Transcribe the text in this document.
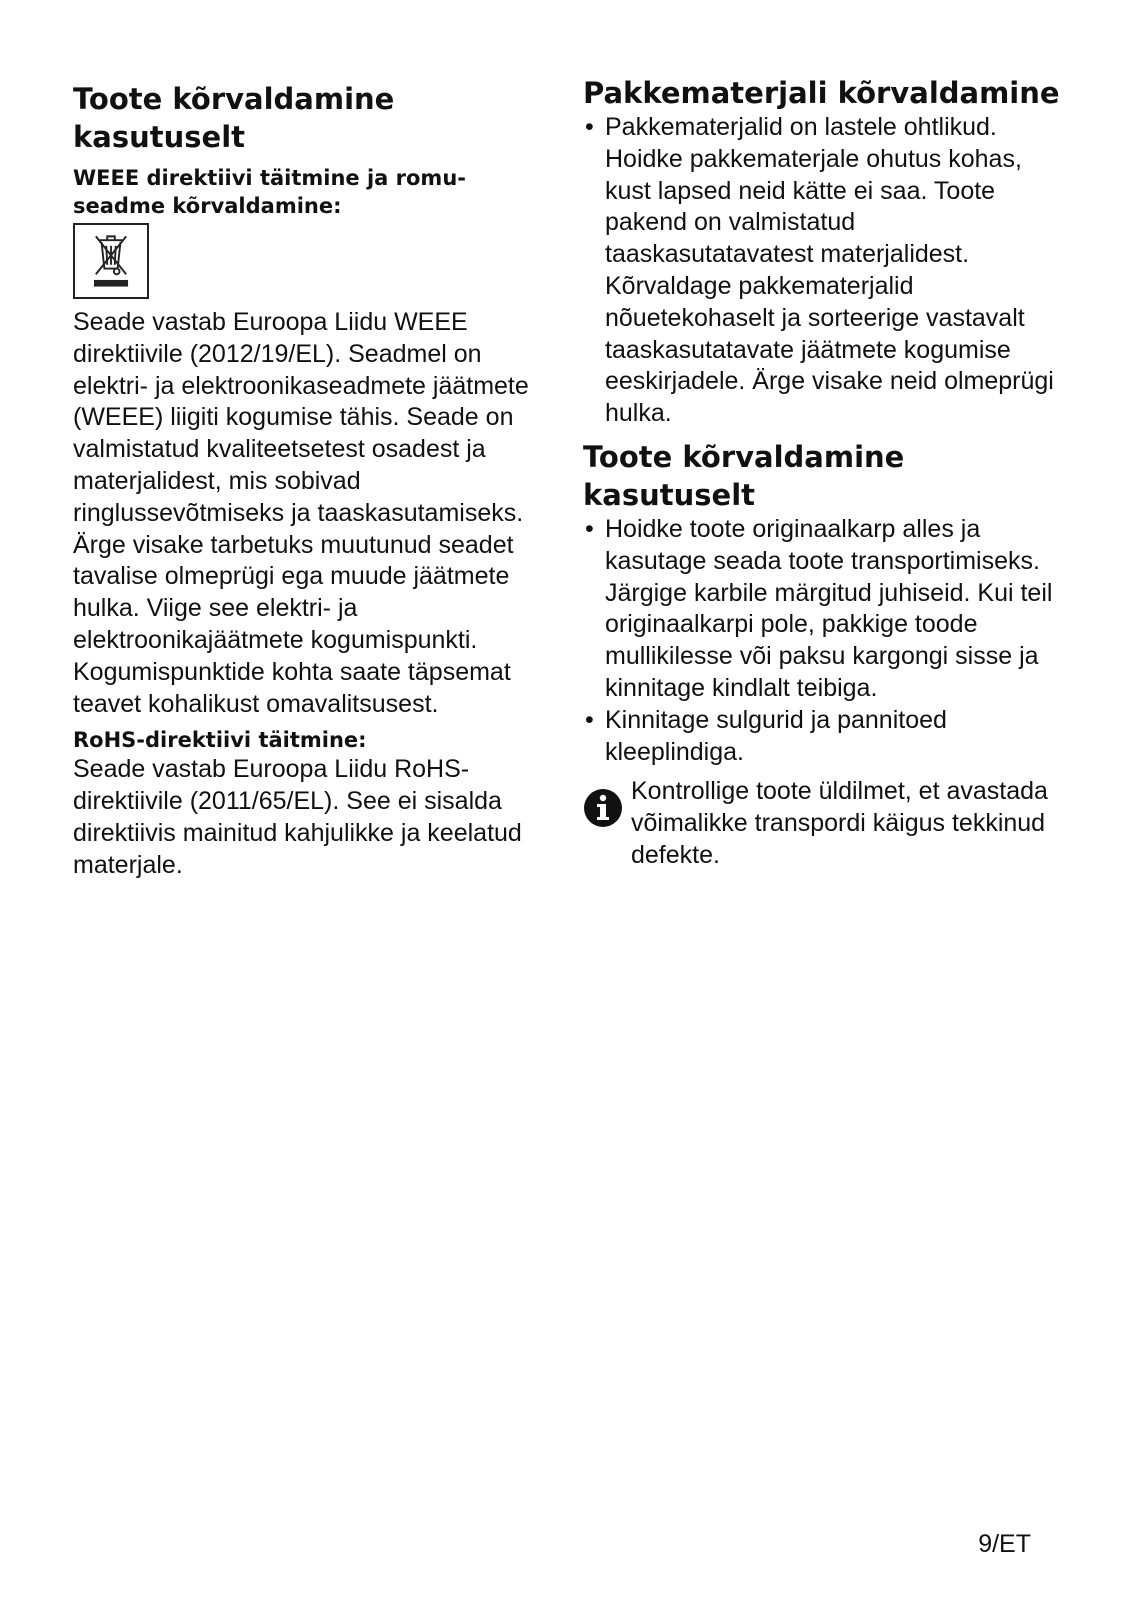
Toote kõrvaldamine kasutuselt
WEEE direktiivi täitmine ja romu-seadme kõrvaldamine:

Seade vastab Euroopa Liidu WEEE direktiivile (2012/19/EL). Seadmel on elektri- ja elektroonikaseadmete jäätmete (WEEE) liigiti kogumise tähis. Seade on valmistatud kvaliteetsetest osadest ja materjalidest, mis sobivad ringlussevõtmiseks ja taaskasutamiseks. Ärge visake tarbetuks muutunud seadet tavalise olmeprügi ega muude jäätmete hulka. Viige see elektri- ja elektroonikajäätmete kogumispunkti. Kogumispunktide kohta saate täpsemat teavet kohalikust omavalitsusest.

RoHS-direktiivi täitmine:

Seade vastab Euroopa Liidu RoHS-direktiivile (2011/65/EL). See ei sisalda direktiivis mainitud kahjulikke ja keelatud materjale.

Pakkematerjali kõrvaldamine
• Pakkematerjalid on lastele ohtlikud. Hoidke pakkematerjale ohutus kohas, kust lapsed neid kätte ei saa. Toote pakend on valmistatud taaskasutatavatest materjalidest. Kõrvaldage pakkematerjalid nõuetekohaselt ja sorteerige vastavalt taaskasutatavate jäätmete kogumise eeskirjadele. Ärge visake neid olmeprügi hulka.
Toote kõrvaldamine kasutuselt
• Hoidke toote originaalkarp alles ja kasutage seada toote transportimiseks. Järgige karbile märgitud juhiseid. Kui teil originaalkarpi pole, pakkige toode mullikilesse või paksu kargongi sisse ja kinnitage kindlalt teibiga.
• Kinnitage sulgurid ja pannitoed kleeplindiga.

Kontrollige toote üldilmet, et avastada võimalikke transpordi käigus tekkinud defekte.

9/ET
